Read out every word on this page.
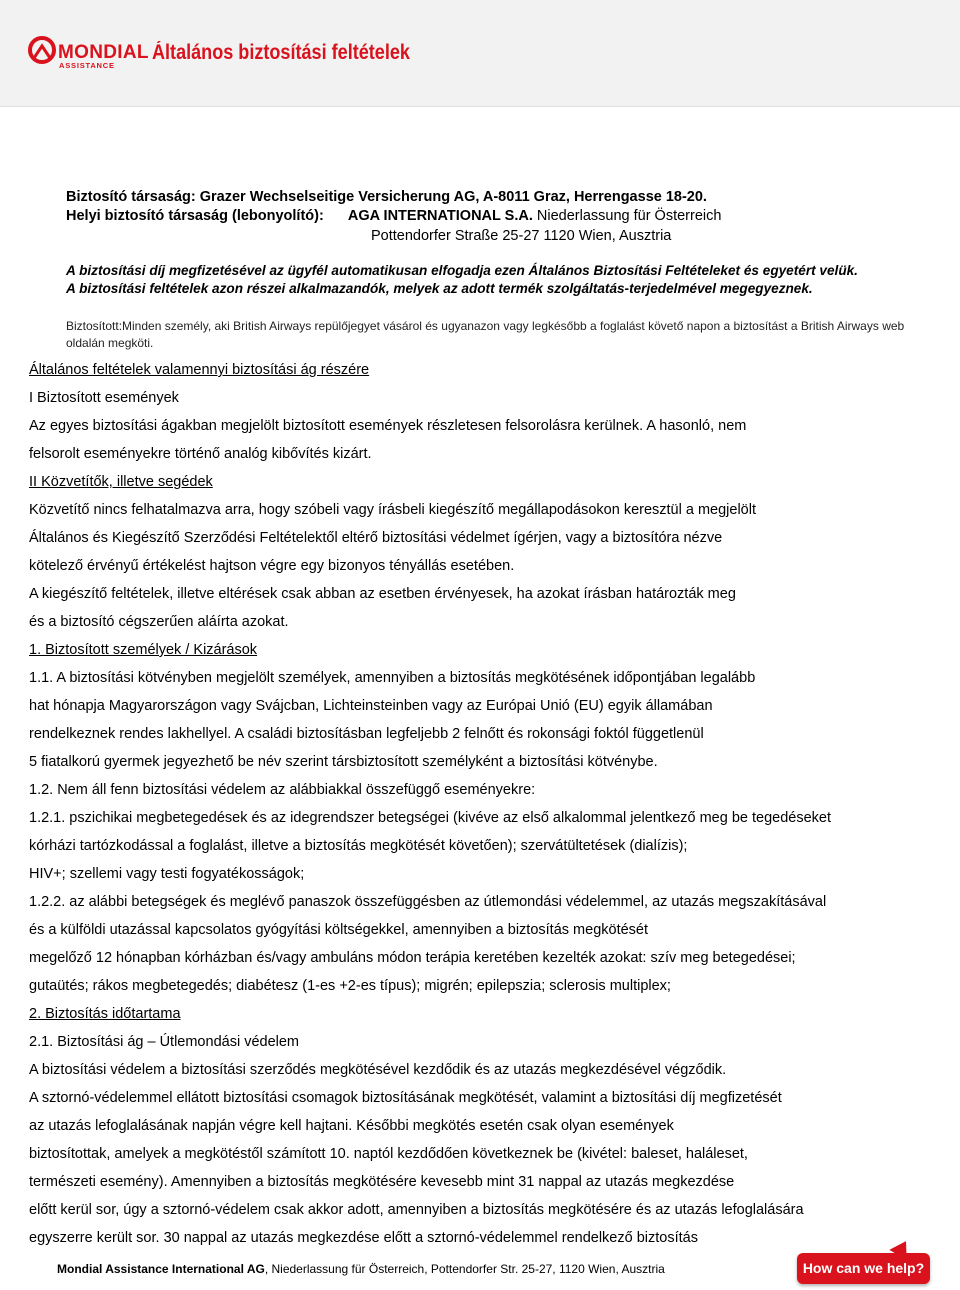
MONDIAL
ASSISTANCE
Általános biztosítási feltételek
Biztosító társaság: Grazer Wechselseitige Versicherung AG, A-8011 Graz, Herrengasse 18-20.
Helyi biztosító társaság (lebonyolító): AGA INTERNATIONAL S.A. Niederlassung für Österreich
Pottendorfer Straße 25-27 1120 Wien, Ausztria
A biztosítási díj megfizetésével az ügyfél automatikusan elfogadja ezen Általános Biztosítási Feltételeket és egyetért velük.
A biztosítási feltételek azon részei alkalmazandók, melyek az adott termék szolgáltatás-terjedelmével megegyeznek.
Biztosított:Minden személy, aki British Airways repülőjegyet vásárol és ugyanazon vagy legkésőbb a foglalást követő napon a biztosítást a British Airways web oldalán megköti.
Általános feltételek valamennyi biztosítási ág részére
I Biztosított események
Az egyes biztosítási ágakban megjelölt biztosított események részletesen felsorolásra kerülnek. A hasonló, nem
felsorolt eseményekre történő analóg kibővítés kizárt.
II Közvetítők, illetve segédek
Közvetítő nincs felhatalmazva arra, hogy szóbeli vagy írásbeli kiegészítő megállapodásokon keresztül a megjelölt
Általános és Kiegészítő Szerződési Feltételektől eltérő biztosítási védelmet ígérjen, vagy a biztosítóra nézve
kötelező érvényű értékelést hajtson végre egy bizonyos tényállás esetében.
A kiegészítő feltételek, illetve eltérések csak abban az esetben érvényesek, ha azokat írásban határozták meg
és a biztosító cégszerűen aláírta azokat.
1. Biztosított személyek / Kizárások
1.1. A biztosítási kötvényben megjelölt személyek, amennyiben a biztosítás megkötésének időpontjában legalább
hat hónapja Magyarországon vagy Svájcban, Lichteinsteinben vagy az Európai Unió (EU) egyik államában
rendelkeznek rendes lakhellyel. A családi biztosításban legfeljebb 2 felnőtt és rokonsági foktól függetlenül
5 fiatalkorú gyermek jegyezhető be név szerint társbiztosított személyként a biztosítási kötvénybe.
1.2. Nem áll fenn biztosítási védelem az alábbiakkal összefüggő eseményekre:
1.2.1. pszichikai megbetegedések és az idegrendszer betegségei (kivéve az első alkalommal jelentkező meg be tegedéseket
kórházi tartózkodással a foglalást, illetve a biztosítás megkötését követően); szervátültetések (dialízis);
HIV+; szellemi vagy testi fogyatékosságok;
1.2.2. az alábbi betegségek és meglévő panaszok összefüggésben az útlemondási védelemmel, az utazás megszakításával
és a külföldi utazással kapcsolatos gyógyítási költségekkel, amennyiben a biztosítás megkötését
megelőző 12 hónapban kórházban és/vagy ambuláns módon terápia keretében kezelték azokat: szív meg betegedései;
gutaütés; rákos megbetegedés; diabétesz (1-es +2-es típus); migrén; epilepszia; sclerosis multiplex;
2. Biztosítás időtartama
2.1. Biztosítási ág – Útlemondási védelem
A biztosítási védelem a biztosítási szerződés megkötésével kezdődik és az utazás megkezdésével végződik.
A sztornó-védelemmel ellátott biztosítási csomagok biztosításának megkötését, valamint a biztosítási díj megfizetését
az utazás lefoglalásának napján végre kell hajtani. Későbbi megkötés esetén csak olyan események
biztosítottak, amelyek a megkötéstől számított 10. naptól kezdődően következnek be (kivétel: baleset, haláleset,
természeti esemény). Amennyiben a biztosítás megkötésére kevesebb mint 31 nappal az utazás megkezdése
előtt kerül sor, úgy a sztornó-védelem csak akkor adott, amennyiben a biztosítás megkötésére és az utazás lefoglalására
egyszerre került sor. 30 nappal az utazás megkezdése előtt a sztornó-védelemmel rendelkező biztosítás
Mondial Assistance International AG, Niederlassung für Österreich, Pottendorfer Str. 25-27, 1120 Wien, Ausztria	How can we help?
